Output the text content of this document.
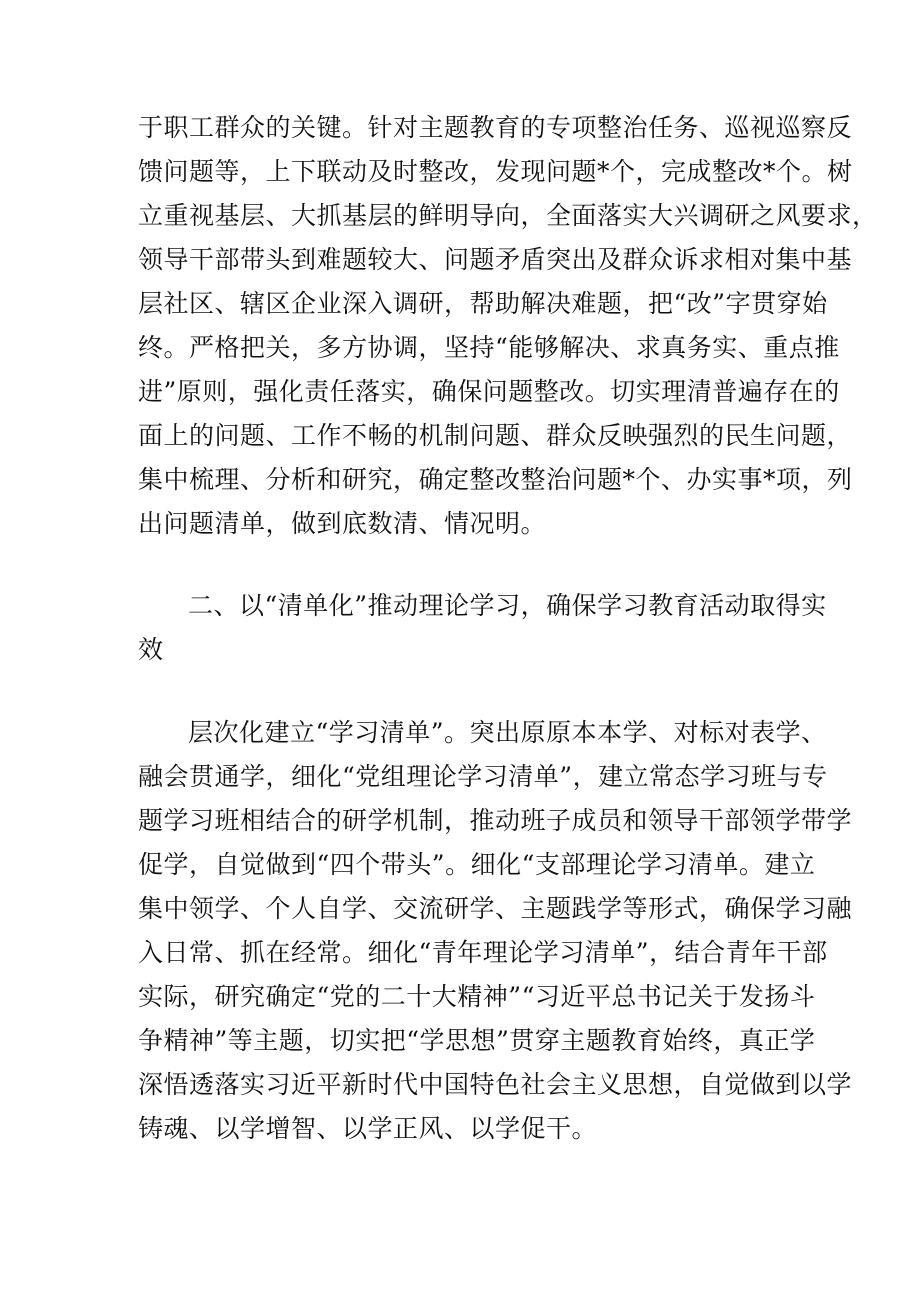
于职工群众的关键。针对主题教育的专项整治任务、巡视巡察反
馈问题等，上下联动及时整改，发现问题*个，完成整改*个。树
立重视基层、大抓基层的鲜明导向，全面落实大兴调研之风要求，
领导干部带头到难题较大、问题矛盾突出及群众诉求相对集中基
层社区、辖区企业深入调研，帮助解决难题，把“改”字贯穿始
终。严格把关，多方协调，坚持“能够解决、求真务实、重点推
进”原则，强化责任落实，确保问题整改。切实理清普遍存在的
面上的问题、工作不畅的机制问题、群众反映强烈的民生问题，
集中梳理、分析和研究，确定整改整治问题*个、办实事*项，列
出问题清单，做到底数清、情况明。
二、以“清单化”推动理论学习，确保学习教育活动取得实
效
层次化建立“学习清单”。突出原原本本学、对标对表学、
融会贯通学，细化“党组理论学习清单”，建立常态学习班与专
题学习班相结合的研学机制，推动班子成员和领导干部领学带学
促学，自觉做到“四个带头”。细化“支部理论学习清单。建立
集中领学、个人自学、交流研学、主题践学等形式，确保学习融
入日常、抓在经常。细化“青年理论学习清单”，结合青年干部
实际，研究确定“党的二十大精神”“习近平总书记关于发扬斗
争精神”等主题，切实把“学思想”贯穿主题教育始终，真正学
深悟透落实习近平新时代中国特色社会主义思想，自觉做到以学
铸魂、以学增智、以学正风、以学促干。
